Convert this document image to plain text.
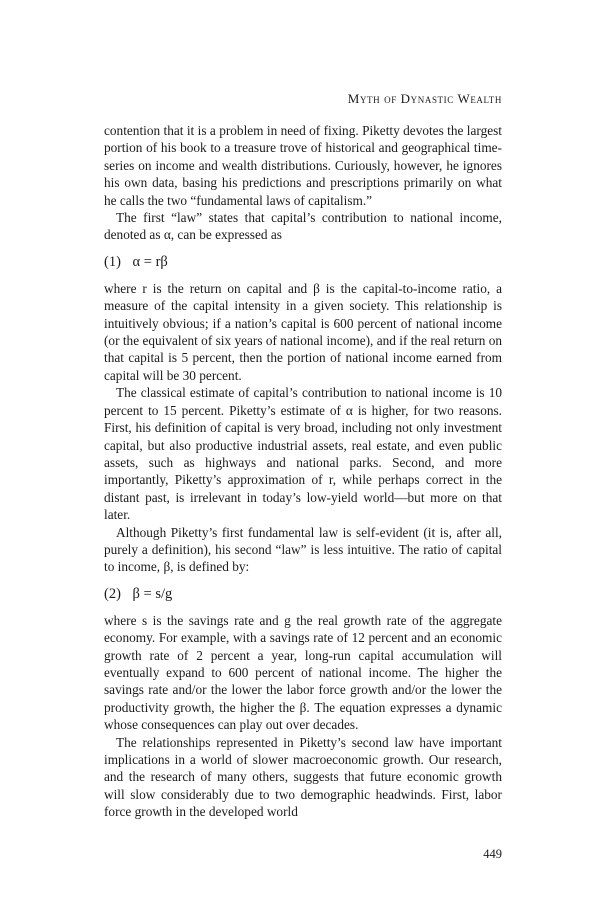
Myth of Dynastic Wealth

contention that it is a problem in need of fixing. Piketty devotes the largest portion of his book to a treasure trove of historical and geographical time-series on income and wealth distributions. Curiously, however, he ignores his own data, basing his predictions and prescriptions primarily on what he calls the two “fundamental laws of capitalism.”

The first “law” states that capital’s contribution to national income, denoted as α, can be expressed as

(1) α = rβ

where r is the return on capital and β is the capital-to-income ratio, a measure of the capital intensity in a given society. This relationship is intuitively obvious; if a nation’s capital is 600 percent of national income (or the equivalent of six years of national income), and if the real return on that capital is 5 percent, then the portion of national income earned from capital will be 30 percent.

The classical estimate of capital’s contribution to national income is 10 percent to 15 percent. Piketty’s estimate of α is higher, for two reasons. First, his definition of capital is very broad, including not only investment capital, but also productive industrial assets, real estate, and even public assets, such as highways and national parks. Second, and more importantly, Piketty’s approximation of r, while perhaps correct in the distant past, is irrelevant in today’s low-yield world—but more on that later.

Although Piketty’s first fundamental law is self-evident (it is, after all, purely a definition), his second “law” is less intuitive. The ratio of capital to income, β, is defined by:

(2) β = s/g

where s is the savings rate and g the real growth rate of the aggregate economy. For example, with a savings rate of 12 percent and an economic growth rate of 2 percent a year, long-run capital accumulation will eventually expand to 600 percent of national income. The higher the savings rate and/or the lower the labor force growth and/or the lower the productivity growth, the higher the β. The equation expresses a dynamic whose consequences can play out over decades.

The relationships represented in Piketty’s second law have important implications in a world of slower macroeconomic growth. Our research, and the research of many others, suggests that future economic growth will slow considerably due to two demographic headwinds. First, labor force growth in the developed world

449
